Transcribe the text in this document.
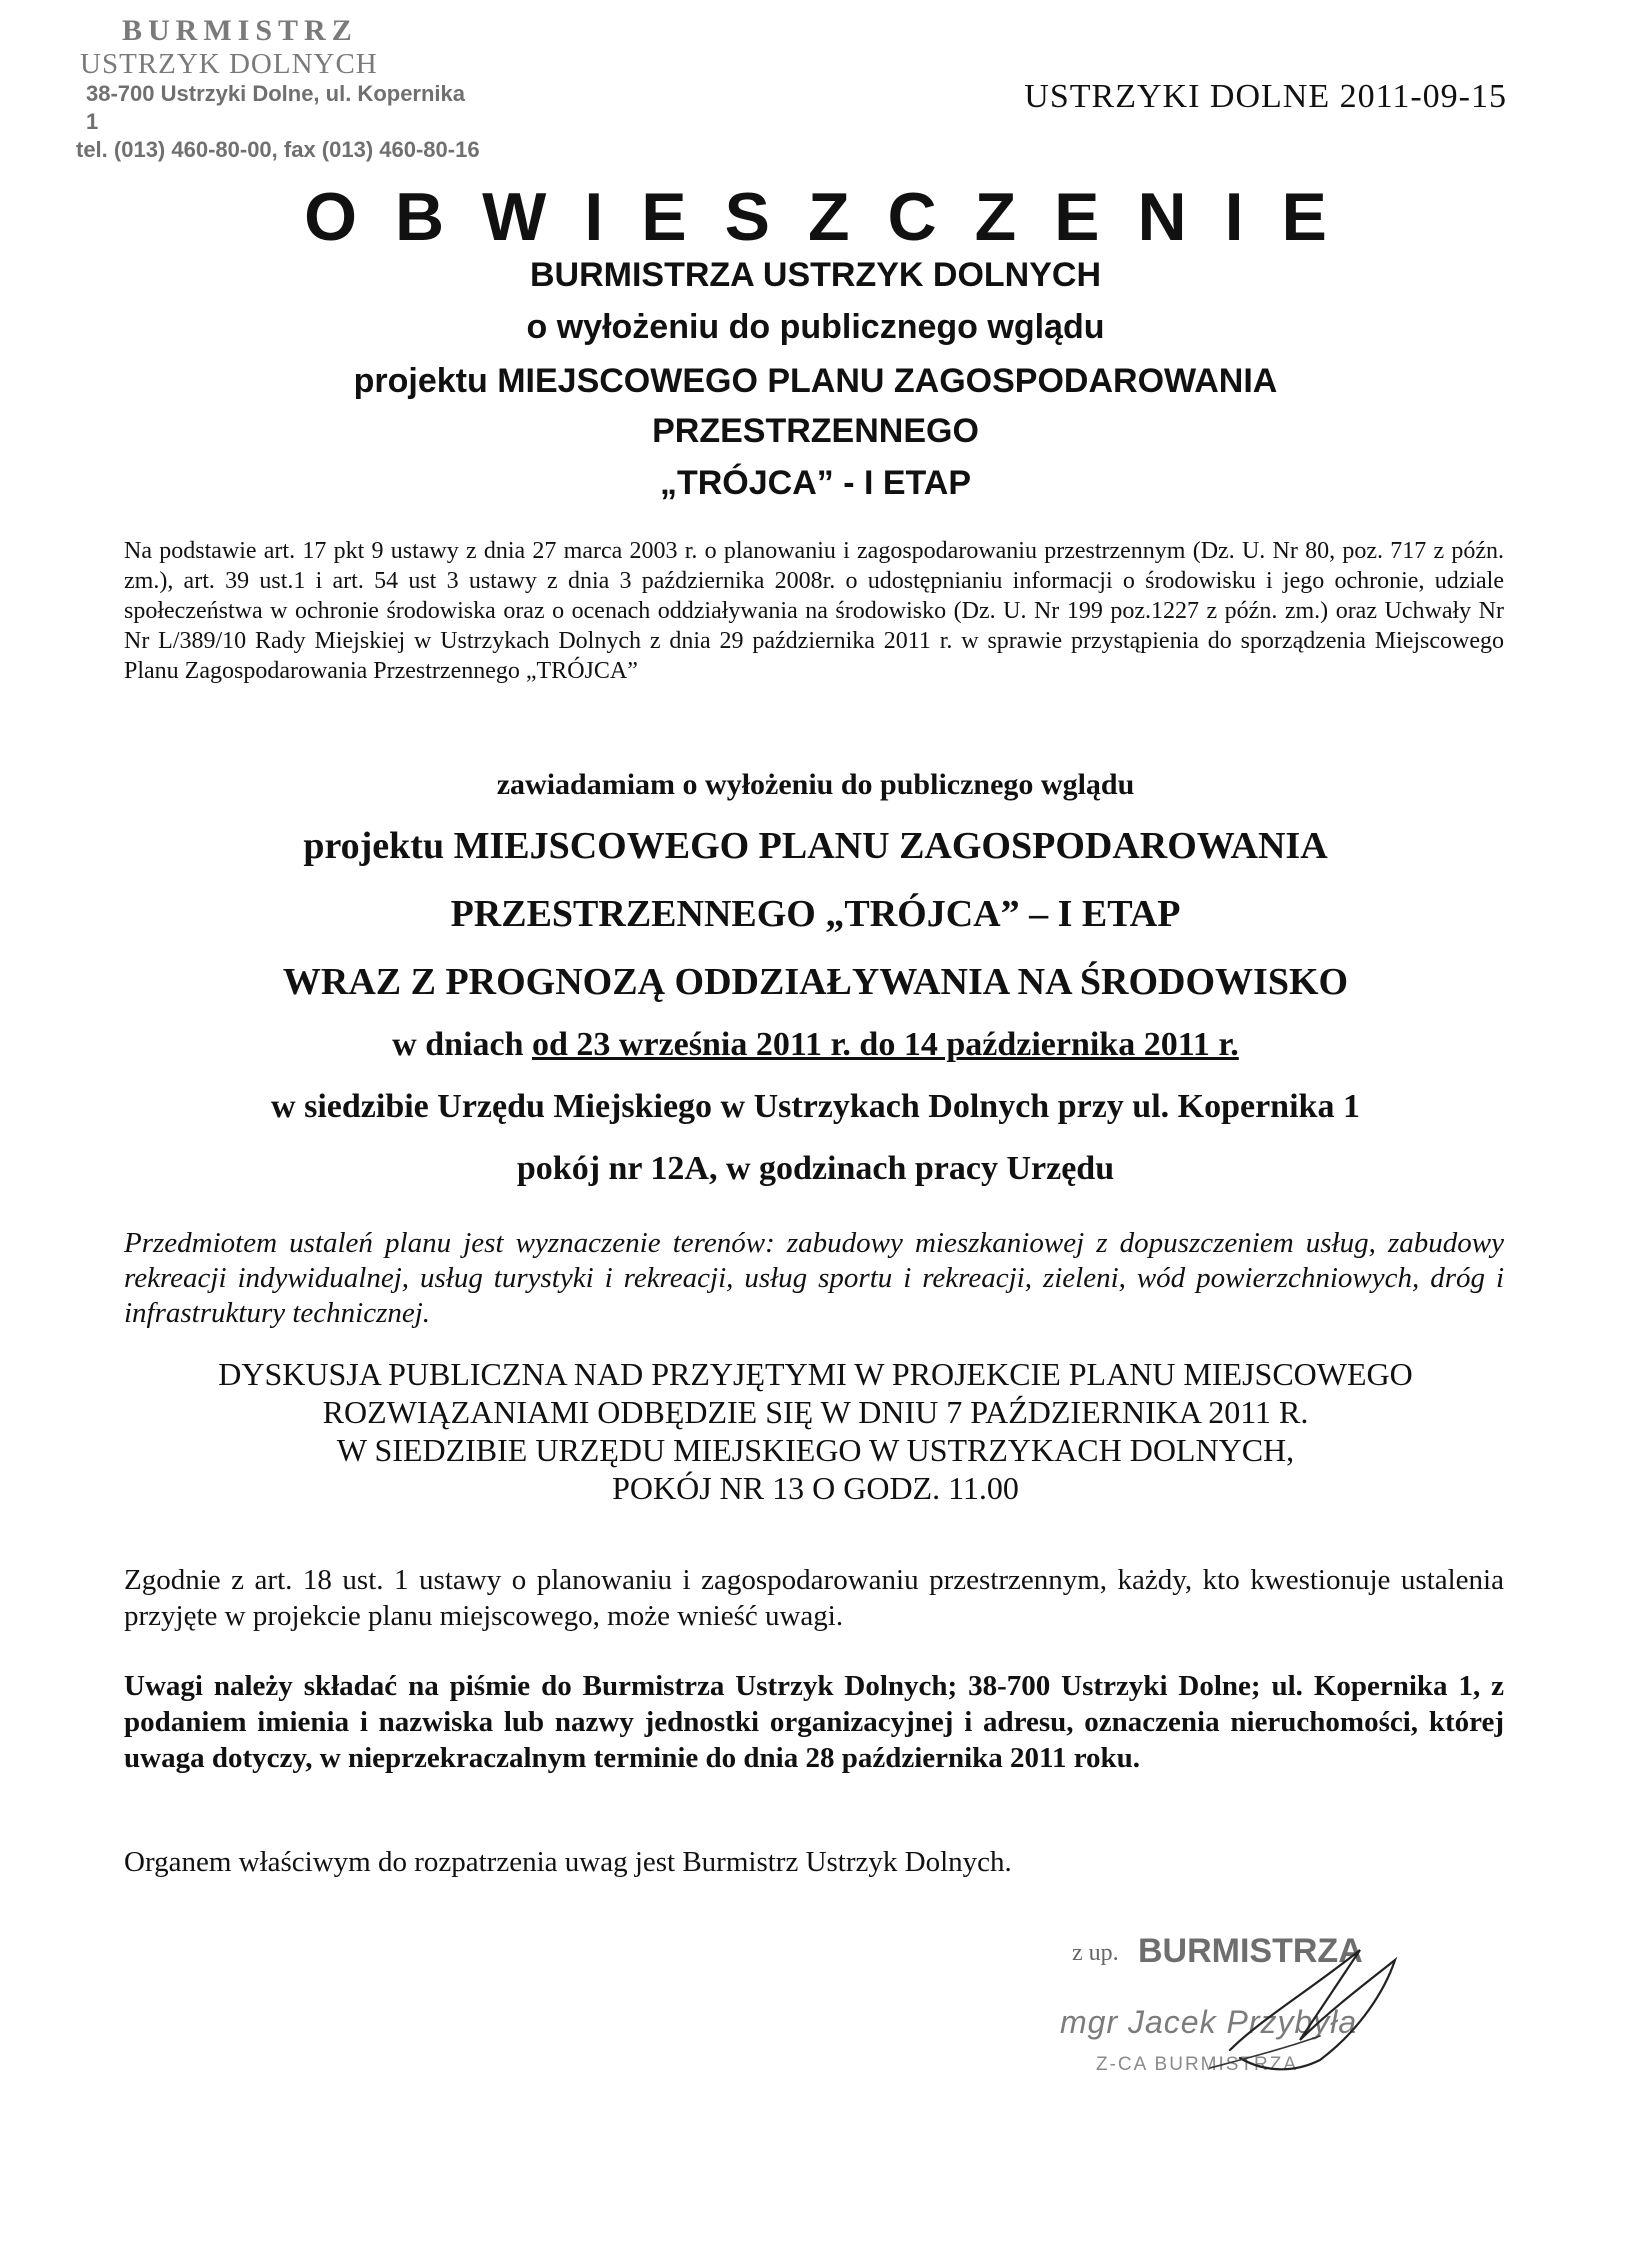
BURMISTRZ
USTRZYK DOLNYCH
38-700 Ustrzyki Dolne, ul. Kopernika 1
tel. (013) 460-80-00, fax (013) 460-80-16
USTRZYKI DOLNE 2011-09-15
OBWIESZCZENIE
BURMISTRZA USTRZYK DOLNYCH
o wyłożeniu do publicznego wglądu
projektu MIEJSCOWEGO PLANU ZAGOSPODAROWANIA
PRZESTRZENNEGO
„TRÓJCA” - I ETAP
Na podstawie art. 17 pkt 9 ustawy z dnia 27 marca 2003 r. o planowaniu i zagospodarowaniu przestrzennym (Dz. U. Nr 80, poz. 717 z późn. zm.), art. 39 ust.1 i art. 54 ust 3 ustawy z dnia 3 października 2008r. o udostępnianiu informacji o środowisku i jego ochronie, udziale społeczeństwa w ochronie środowiska oraz o ocenach oddziaływania na środowisko (Dz. U. Nr 199 poz.1227 z późn. zm.) oraz Uchwały Nr Nr L/389/10 Rady Miejskiej w Ustrzykach Dolnych z dnia 29 października 2011 r. w sprawie przystąpienia do sporządzenia Miejscowego Planu Zagospodarowania Przestrzennego „TRÓJCA”
zawiadamiam o wyłożeniu do publicznego wglądu
projektu MIEJSCOWEGO PLANU ZAGOSPODAROWANIA
PRZESTRZENNEGO „TRÓJCA” – I ETAP
WRAZ Z PROGNOZĄ ODDZIAŁYWANIA NA ŚRODOWISKO
w dniach od 23 września 2011 r. do 14 października 2011 r.
w siedzibie Urzędu Miejskiego w Ustrzykach Dolnych przy ul. Kopernika 1
pokój nr 12A, w godzinach pracy Urzędu
Przedmiotem ustaleń planu jest wyznaczenie terenów: zabudowy mieszkaniowej z dopuszczeniem usług, zabudowy rekreacji indywidualnej, usług turystyki i rekreacji, usług sportu i rekreacji, zieleni, wód powierzchniowych, dróg i infrastruktury technicznej.
DYSKUSJA PUBLICZNA NAD PRZYJĘTYMI W PROJEKCIE PLANU MIEJSCOWEGO
ROZWIĄZANIAMI ODBĘDZIE SIĘ W DNIU 7 PAŹDZIERNIKA 2011 R.
W SIEDZIBIE URZĘDU MIEJSKIEGO W USTRZYKACH DOLNYCH,
POKÓJ NR 13 O GODZ. 11.00
Zgodnie z art. 18 ust. 1 ustawy o planowaniu i zagospodarowaniu przestrzennym, każdy, kto kwestionuje ustalenia przyjęte w projekcie planu miejscowego, może wnieść uwagi.
Uwagi należy składać na piśmie do Burmistrza Ustrzyk Dolnych; 38-700 Ustrzyki Dolne; ul. Kopernika 1, z podaniem imienia i nazwiska lub nazwy jednostki organizacyjnej i adresu, oznaczenia nieruchomości, której uwaga dotyczy, w nieprzekraczalnym terminie do dnia 28 października 2011 roku.
Organem właściwym do rozpatrzenia uwag jest Burmistrz Ustrzyk Dolnych.
z up. BURMISTRZA
mgr Jacek Przybyła
Z-CA BURMISTRZA
